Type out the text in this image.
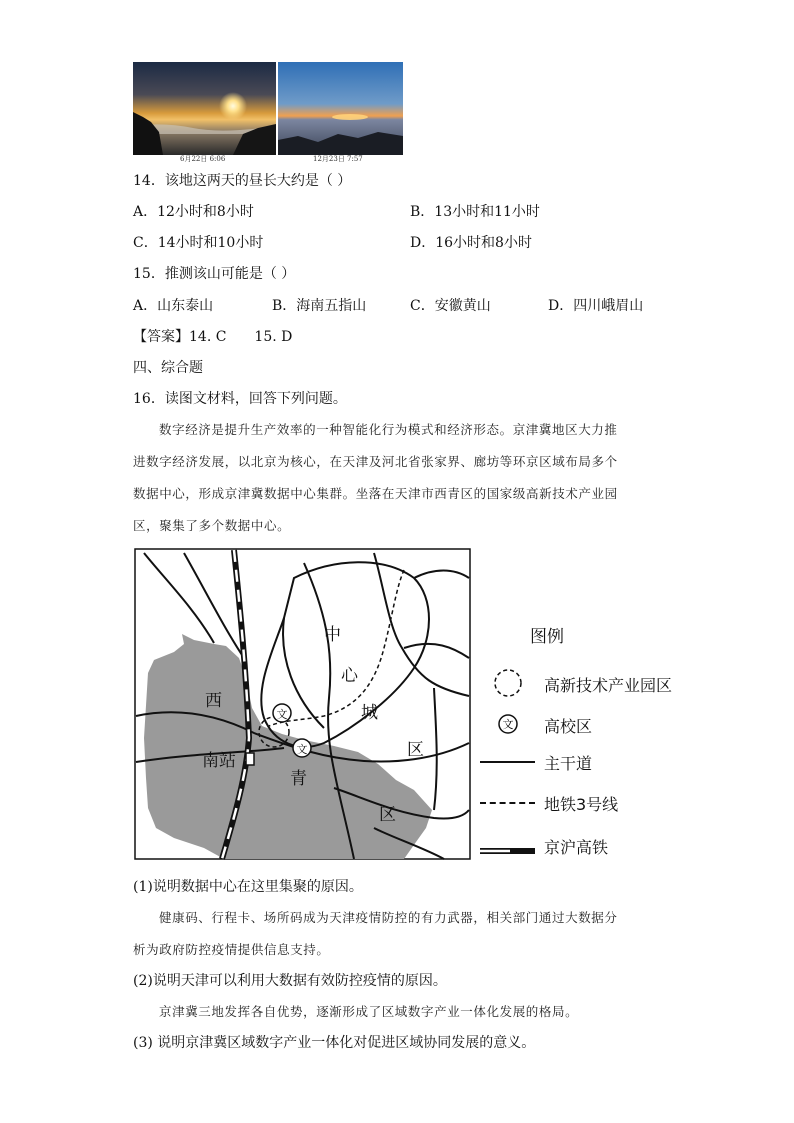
6月22日 6:06	12月23日 7:57
14．该地这两天的昼长大约是（ ）
A．12小时和8小时	B．13小时和11小时
C．14小时和10小时	D．16小时和8小时
15．推测该山可能是（ ）
A．山东泰山	B．海南五指山	C．安徽黄山	D．四川峨眉山
【答案】14. C　　15. D
四、综合题
16．读图文材料，回答下列问题。
数字经济是提升生产效率的一种智能化行为模式和经济形态。京津冀地区大力推
进数字经济发展，以北京为核心，在天津及河北省张家界、廊坊等环京区域布局多个
数据中心，形成京津冀数据中心集群。坐落在天津市西青区的国家级高新技术产业园
区，聚集了多个数据中心。
文
文
中
心
城
区
西
南站
青
区
图例
高新技术产业园区
文 高校区
主干道
地铁3号线
京沪高铁
(1)说明数据中心在这里集聚的原因。
健康码、行程卡、场所码成为天津疫情防控的有力武器，相关部门通过大数据分
析为政府防控疫情提供信息支持。
(2)说明天津可以利用大数据有效防控疫情的原因。
京津冀三地发挥各自优势，逐渐形成了区域数字产业一体化发展的格局。
(3) 说明京津冀区域数字产业一体化对促进区域协同发展的意义。
